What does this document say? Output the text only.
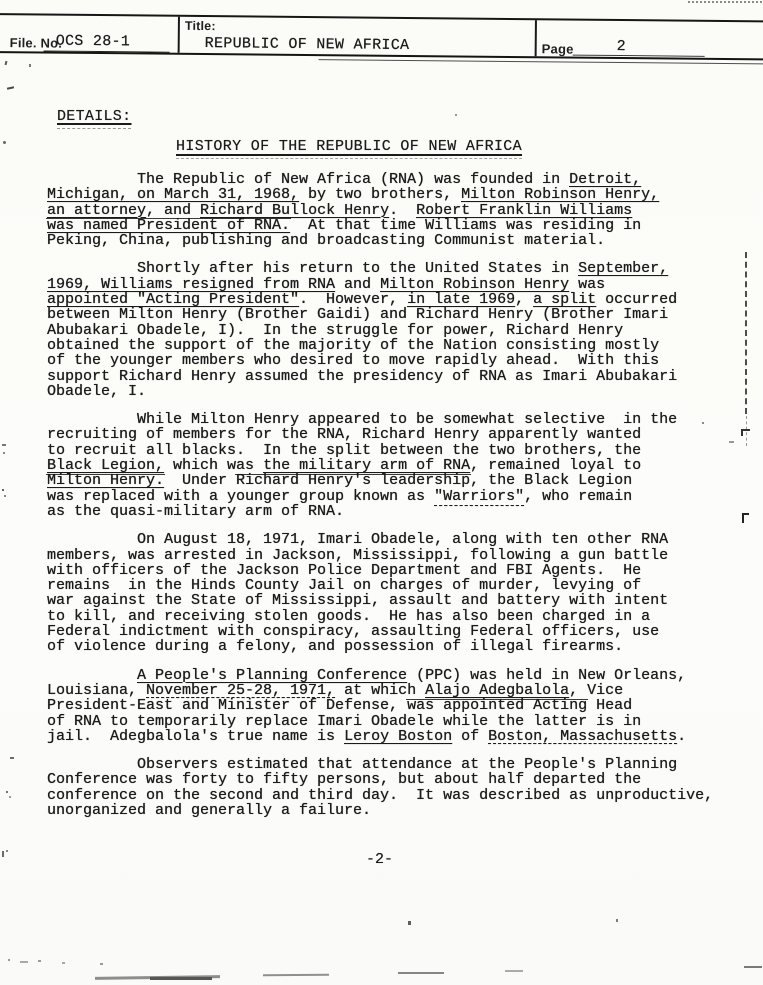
File. No.
OCS 28-1
Title:
REPUBLIC OF NEW AFRICA	Page	2
DETAILS:
HISTORY OF THE REPUBLIC OF NEW AFRICA
The Republic of New Africa (RNA) was founded in Detroit,
Michigan, on March 31, 1968, by two brothers, Milton Robinson Henry,
an attorney, and Richard Bullock Henry.  Robert Franklin Williams
was named President of RNA.  At that time Williams was residing in
Peking, China, publishing and broadcasting Communist material.
Shortly after his return to the United States in September,
1969, Williams resigned from RNA and Milton Robinson Henry was
appointed "Acting President".  However, in late 1969, a split occurred
between Milton Henry (Brother Gaidi) and Richard Henry (Brother Imari
Abubakari Obadele, I).  In the struggle for power, Richard Henry
obtained the support of the majority of the Nation consisting mostly
of the younger members who desired to move rapidly ahead.  With this
support Richard Henry assumed the presidency of RNA as Imari Abubakari
Obadele, I.
While Milton Henry appeared to be somewhat selective  in the
recruiting of members for the RNA, Richard Henry apparently wanted
to recruit all blacks.  In the split between the two brothers, the
Black Legion, which was the military arm of RNA, remained loyal to
Milton Henry.  Under Richard Henry's leadership, the Black Legion
was replaced with a younger group known as "Warriors", who remain
as the quasi-military arm of RNA.
On August 18, 1971, Imari Obadele, along with ten other RNA
members, was arrested in Jackson, Mississippi, following a gun battle
with officers of the Jackson Police Department and FBI Agents.  He
remains  in the Hinds County Jail on charges of murder, levying of
war against the State of Mississippi, assault and battery with intent
to kill, and receiving stolen goods.  He has also been charged in a
Federal indictment with conspiracy, assaulting Federal officers, use
of violence during a felony, and possession of illegal firearms.
A People's Planning Conference (PPC) was held in New Orleans,
Louisiana, November 25-28, 1971, at which Alajo Adegbalola, Vice
President-East and Minister of Defense, was appointed Acting Head
of RNA to temporarily replace Imari Obadele while the latter is in
jail.  Adegbalola's true name is Leroy Boston of Boston, Massachusetts.
Observers estimated that attendance at the People's Planning
Conference was forty to fifty persons, but about half departed the
conference on the second and third day.  It was described as unproductive,
unorganized and generally a failure.
-2-
